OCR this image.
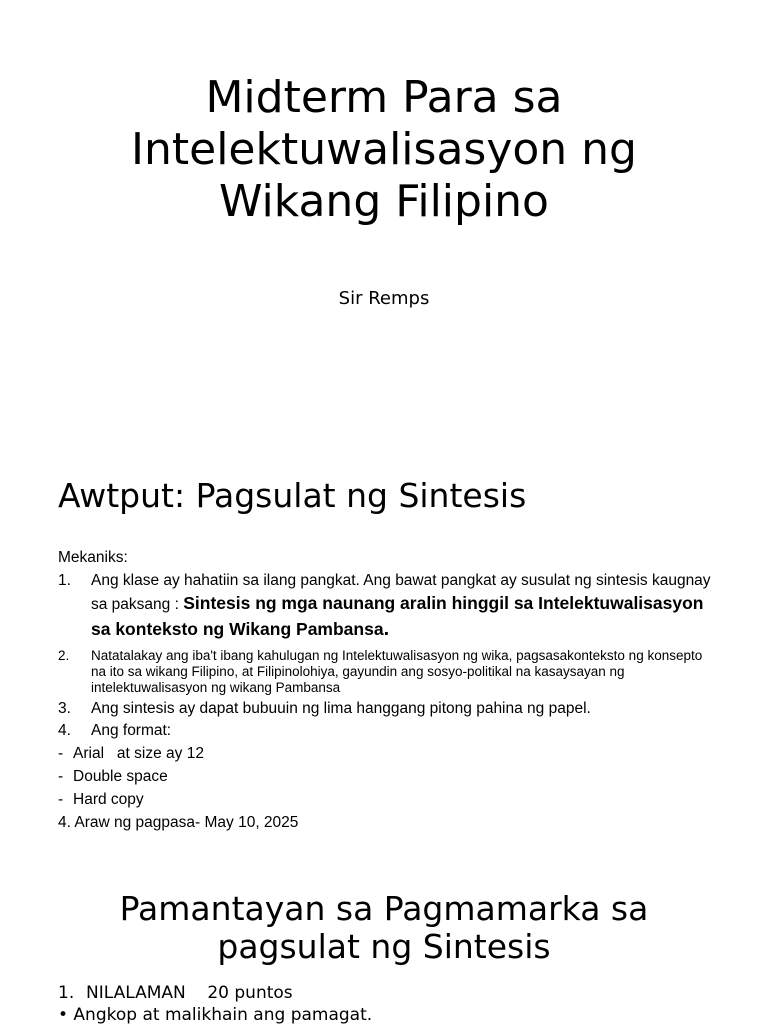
Midterm Para sa
Intelektuwalisasyon ng
Wikang Filipino
Sir Remps
Awtput: Pagsulat ng Sintesis
Mekaniks:
1. Ang klase ay hahatiin sa ilang pangkat. Ang bawat pangkat ay susulat ng sintesis kaugnay sa paksang : Sintesis ng mga naunang aralin hinggil sa Intelektuwalisasyon sa konteksto ng Wikang Pambansa.
2. Natatalakay ang iba't ibang kahulugan ng Intelektuwalisasyon ng wika, pagsasakonteksto ng konsepto na ito sa wikang Filipino, at Filipinolohiya, gayundin ang sosyo-politikal na kasaysayan ng intelektuwalisasyon ng wikang Pambansa
3. Ang sintesis ay dapat bubuuin ng lima hanggang pitong pahina ng papel.
4. Ang format:
- Arial   at size ay 12
- Double space
- Hard copy
4. Araw ng pagpasa- May 10, 2025
Pamantayan sa Pagmamarka sa
pagsulat ng Sintesis
1. NILALAMAN    20 puntos
• Angkop at malikhain ang pamagat.
